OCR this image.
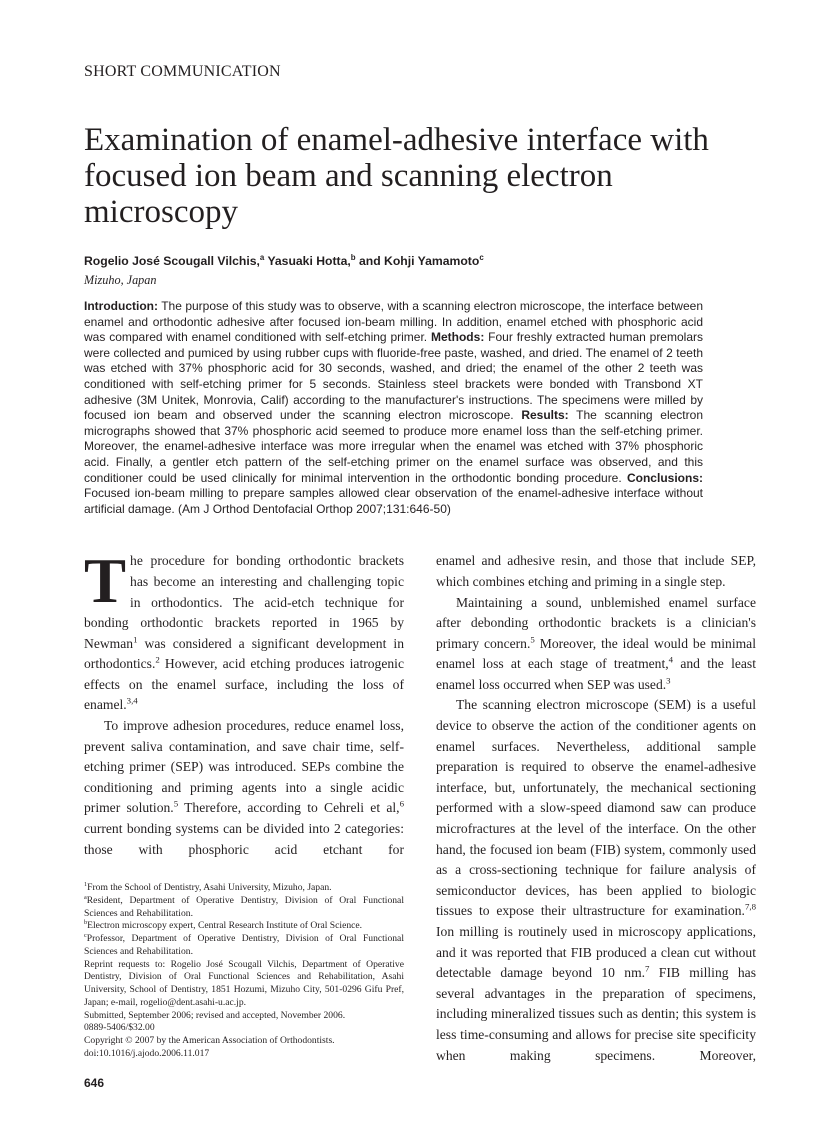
SHORT COMMUNICATION
Examination of enamel-adhesive interface with focused ion beam and scanning electron microscopy
Rogelio José Scougall Vilchis,$^a$ Yasuaki Hotta,$^b$ and Kohji Yamamoto$^c$
Mizuho, Japan

Introduction: The purpose of this study was to observe, with a scanning electron microscope, the interface between enamel and orthodontic adhesive after focused ion-beam milling. In addition, enamel etched with phosphoric acid was compared with enamel conditioned with self-etching primer. Methods: Four freshly extracted human premolars were collected and pumiced by using rubber cups with fluoride-free paste, washed, and dried. The enamel of 2 teeth was etched with 37% phosphoric acid for 30 seconds, washed, and dried; the enamel of the other 2 teeth was conditioned with self-etching primer for 5 seconds. Stainless steel brackets were bonded with Transbond XT adhesive (3M Unitek, Monrovia, Calif) according to the manufacturer's instructions. The specimens were milled by focused ion beam and observed under the scanning electron microscope. Results: The scanning electron micrographs showed that 37% phosphoric acid seemed to produce more enamel loss than the self-etching primer. Moreover, the enamel-adhesive interface was more irregular when the enamel was etched with 37% phosphoric acid. Finally, a gentler etch pattern of the self-etching primer on the enamel surface was observed, and this conditioner could be used clinically for minimal intervention in the orthodontic bonding procedure. Conclusions: Focused ion-beam milling to prepare samples allowed clear observation of the enamel-adhesive interface without artificial damage. (Am J Orthod Dentofacial Orthop 2007;131:646-50)

The procedure for bonding orthodontic brackets has become an interesting and challenging topic in orthodontics. The acid-etch technique for bonding orthodontic brackets reported in 1965 by Newman$^1$ was considered a significant development in orthodontics.$^2$ However, acid etching produces iatrogenic effects on the enamel surface, including the loss of enamel.$^{3,4}$

To improve adhesion procedures, reduce enamel loss, prevent saliva contamination, and save chair time, self-etching primer (SEP) was introduced. SEPs combine the conditioning and priming agents into a single acidic primer solution.$^5$ Therefore, according to Cehreli et al,$^6$ current bonding systems can be divided into 2 categories: those with phosphoric acid etchant for

$^1$From the School of Dentistry, Asahi University, Mizuho, Japan.
$^a$Resident, Department of Operative Dentistry, Division of Oral Functional Sciences and Rehabilitation.
$^b$Electron microscopy expert, Central Research Institute of Oral Science.
$^c$Professor, Department of Operative Dentistry, Division of Oral Functional Sciences and Rehabilitation.
Reprint requests to: Rogelio José Scougall Vilchis, Department of Operative Dentistry, Division of Oral Functional Sciences and Rehabilitation, Asahi University, School of Dentistry, 1851 Hozumi, Mizuho City, 501-0296 Gifu Pref, Japan; e-mail, rogelio@dent.asahi-u.ac.jp.
Submitted, September 2006; revised and accepted, November 2006.
0889-5406/$32.00
Copyright © 2007 by the American Association of Orthodontists.
doi:10.1016/j.ajodo.2006.11.017
646

enamel and adhesive resin, and those that include SEP, which combines etching and priming in a single step.

Maintaining a sound, unblemished enamel surface after debonding orthodontic brackets is a clinician's primary concern.$^5$ Moreover, the ideal would be minimal enamel loss at each stage of treatment,$^4$ and the least enamel loss occurred when SEP was used.$^3$

The scanning electron microscope (SEM) is a useful device to observe the action of the conditioner agents on enamel surfaces. Nevertheless, additional sample preparation is required to observe the enamel-adhesive interface, but, unfortunately, the mechanical sectioning performed with a slow-speed diamond saw can produce microfractures at the level of the interface. On the other hand, the focused ion beam (FIB) system, commonly used as a cross-sectioning technique for failure analysis of semiconductor devices, has been applied to biologic tissues to expose their ultrastructure for examination.$^{7,8}$ Ion milling is routinely used in microscopy applications, and it was reported that FIB produced a clean cut without detectable damage beyond 10 nm.$^7$ FIB milling has several advantages in the preparation of specimens, including mineralized tissues such as dentin; this system is less time-consuming and allows for precise site specificity when making specimens. Moreover,
